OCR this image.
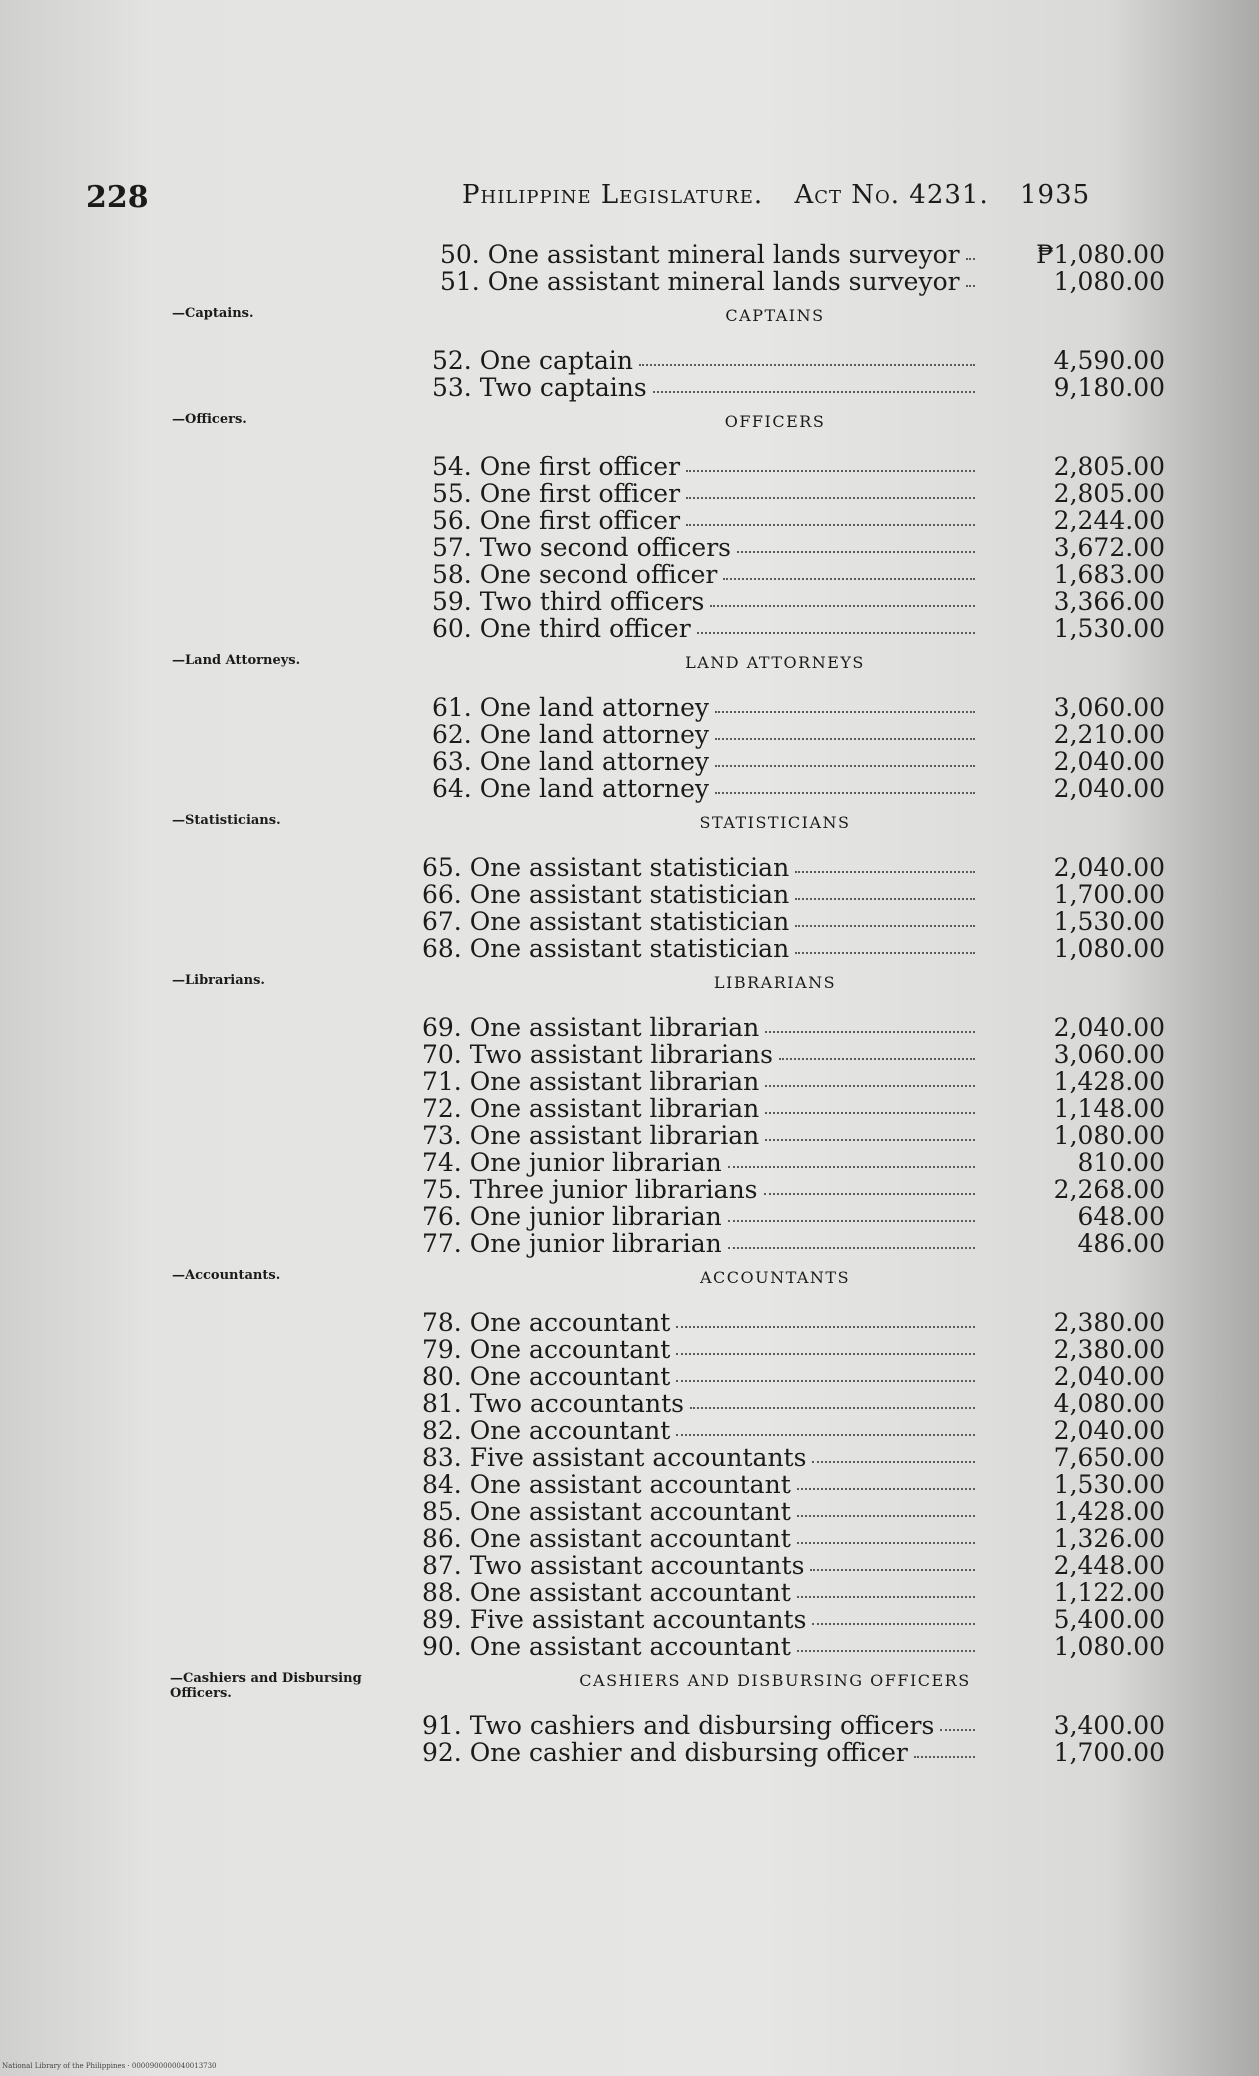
228	Philippine Legislature. Act No. 4231. 1935
50. One assistant mineral lands surveyor	₱1,080.00
51. One assistant mineral lands surveyor	1,080.00
—Captains.	CAPTAINS
52. One captain	4,590.00
53. Two captains	9,180.00
—Officers.	OFFICERS
54. One first officer	2,805.00
55. One first officer	2,805.00
56. One first officer	2,244.00
57. Two second officers	3,672.00
58. One second officer	1,683.00
59. Two third officers	3,366.00
60. One third officer	1,530.00
—Land Attorneys.	LAND ATTORNEYS
61. One land attorney	3,060.00
62. One land attorney	2,210.00
63. One land attorney	2,040.00
64. One land attorney	2,040.00
—Statisticians.	STATISTICIANS
65. One assistant statistician	2,040.00
66. One assistant statistician	1,700.00
67. One assistant statistician	1,530.00
68. One assistant statistician	1,080.00
—Librarians.	LIBRARIANS
69. One assistant librarian	2,040.00
70. Two assistant librarians	3,060.00
71. One assistant librarian	1,428.00
72. One assistant librarian	1,148.00
73. One assistant librarian	1,080.00
74. One junior librarian	810.00
75. Three junior librarians	2,268.00
76. One junior librarian	648.00
77. One junior librarian	486.00
—Accountants.	ACCOUNTANTS
78. One accountant	2,380.00
79. One accountant	2,380.00
80. One accountant	2,040.00
81. Two accountants	4,080.00
82. One accountant	2,040.00
83. Five assistant accountants	7,650.00
84. One assistant accountant	1,530.00
85. One assistant accountant	1,428.00
86. One assistant accountant	1,326.00
87. Two assistant accountants	2,448.00
88. One assistant accountant	1,122.00
89. Five assistant accountants	5,400.00
90. One assistant accountant	1,080.00
—Cashiers and Disbursing Officers.
CASHIERS AND DISBURSING OFFICERS
91. Two cashiers and disbursing officers	3,400.00
92. One cashier and disbursing officer	1,700.00
National Library of the Philippines · 0000900000040013730
